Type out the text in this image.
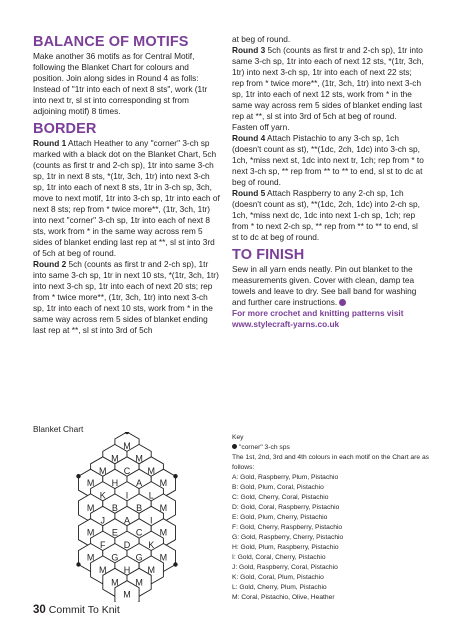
BALANCE OF MOTIFS

Make another 36 motifs as for Central Motif, following the Blanket Chart for colours and position. Join along sides in Round 4 as folls:

Instead of "1tr into each of next 8 sts", work (1tr into next tr, sl st into corresponding st from adjoining motif) 8 times.

BORDER

Round 1 Attach Heather to any "corner" 3-ch sp marked with a black dot on the Blanket Chart, 5ch (counts as first tr and 2-ch sp), 1tr into same 3-ch sp, 1tr in next 8 sts, *(1tr, 3ch, 1tr) into next 3-ch sp, 1tr into each of next 8 sts, 1tr in 3-ch sp, 3ch, move to next motif, 1tr into 3-ch sp, 1tr into each of next 8 sts; rep from * twice more**, (1tr, 3ch, 1tr) into next "corner" 3-ch sp, 1tr into each of next 8 sts, work from * in the same way across rem 5 sides of blanket ending last rep at **, sl st into 3rd of 5ch at beg of round.

Round 2 5ch (counts as first tr and 2-ch sp), 1tr into same 3-ch sp, 1tr in next 10 sts, *(1tr, 3ch, 1tr) into next 3-ch sp, 1tr into each of next 20 sts; rep from * twice more**, (1tr, 3ch, 1tr) into next 3-ch sp, 1tr into each of next 10 sts, work from * in the same way across rem 5 sides of blanket ending last rep at **, sl st into 3rd of 5ch

at beg of round.

Round 3 5ch (counts as first tr and 2-ch sp), 1tr into same 3-ch sp, 1tr into each of next 12 sts, *(1tr, 3ch, 1tr) into next 3-ch sp, 1tr into each of next 22 sts; rep from * twice more**, (1tr, 3ch, 1tr) into next 3-ch sp, 1tr into each of next 12 sts, work from * in the same way across rem 5 sides of blanket ending last rep at **, sl st into 3rd of 5ch at beg of round. Fasten off yarn.

Round 4 Attach Pistachio to any 3-ch sp, 1ch (doesn't count as st), **(1dc, 2ch, 1dc) into 3-ch sp, 1ch, *miss next st, 1dc into next tr, 1ch; rep from * to next 3-ch sp, ** rep from ** to ** to end, sl st to dc at beg of round.

Round 5 Attach Raspberry to any 2-ch sp, 1ch (doesn't count as st), **(1dc, 2ch, 1dc) into 2-ch sp, 1ch, *miss next dc, 1dc into next 1-ch sp, 1ch; rep from * to next 2-ch sp, ** rep from ** to ** to end, sl st to dc at beg of round.

TO FINISH

Sew in all yarn ends neatly. Pin out blanket to the measurements given. Cover with clean, damp tea towels and leave to dry. See ball band for washing and further care instructions.

For more crochet and knitting patterns visit www.stylecraft-yarns.co.uk

Blanket Chart
M
M M
M C M
M H A M
K I L
M B B M
J A I
M E C M
F D K
M G G M
M H M
M M
M

Key

"corner" 3-ch sps

The 1st, 2nd, 3rd and 4th colours in each motif on the Chart are as follows:

A: Gold, Raspberry, Plum, Pistachio

B: Gold, Plum, Coral, Pistachio

C: Gold, Cherry, Coral, Pistachio

D: Gold, Coral, Raspberry, Pistachio

E: Gold, Plum, Cherry, Pistachio

F: Gold, Cherry, Raspberry, Pistachio

G: Gold, Raspberry, Cherry, Pistachio

H: Gold, Plum, Raspberry, Pistachio

I: Gold, Coral, Cherry, Pistachio

J: Gold, Raspberry, Coral, Pistachio

K: Gold, Coral, Plum, Pistachio

L: Gold, Cherry, Plum, Pistachio

M: Coral, Pistachio, Olive, Heather

30 Commit To Knit
